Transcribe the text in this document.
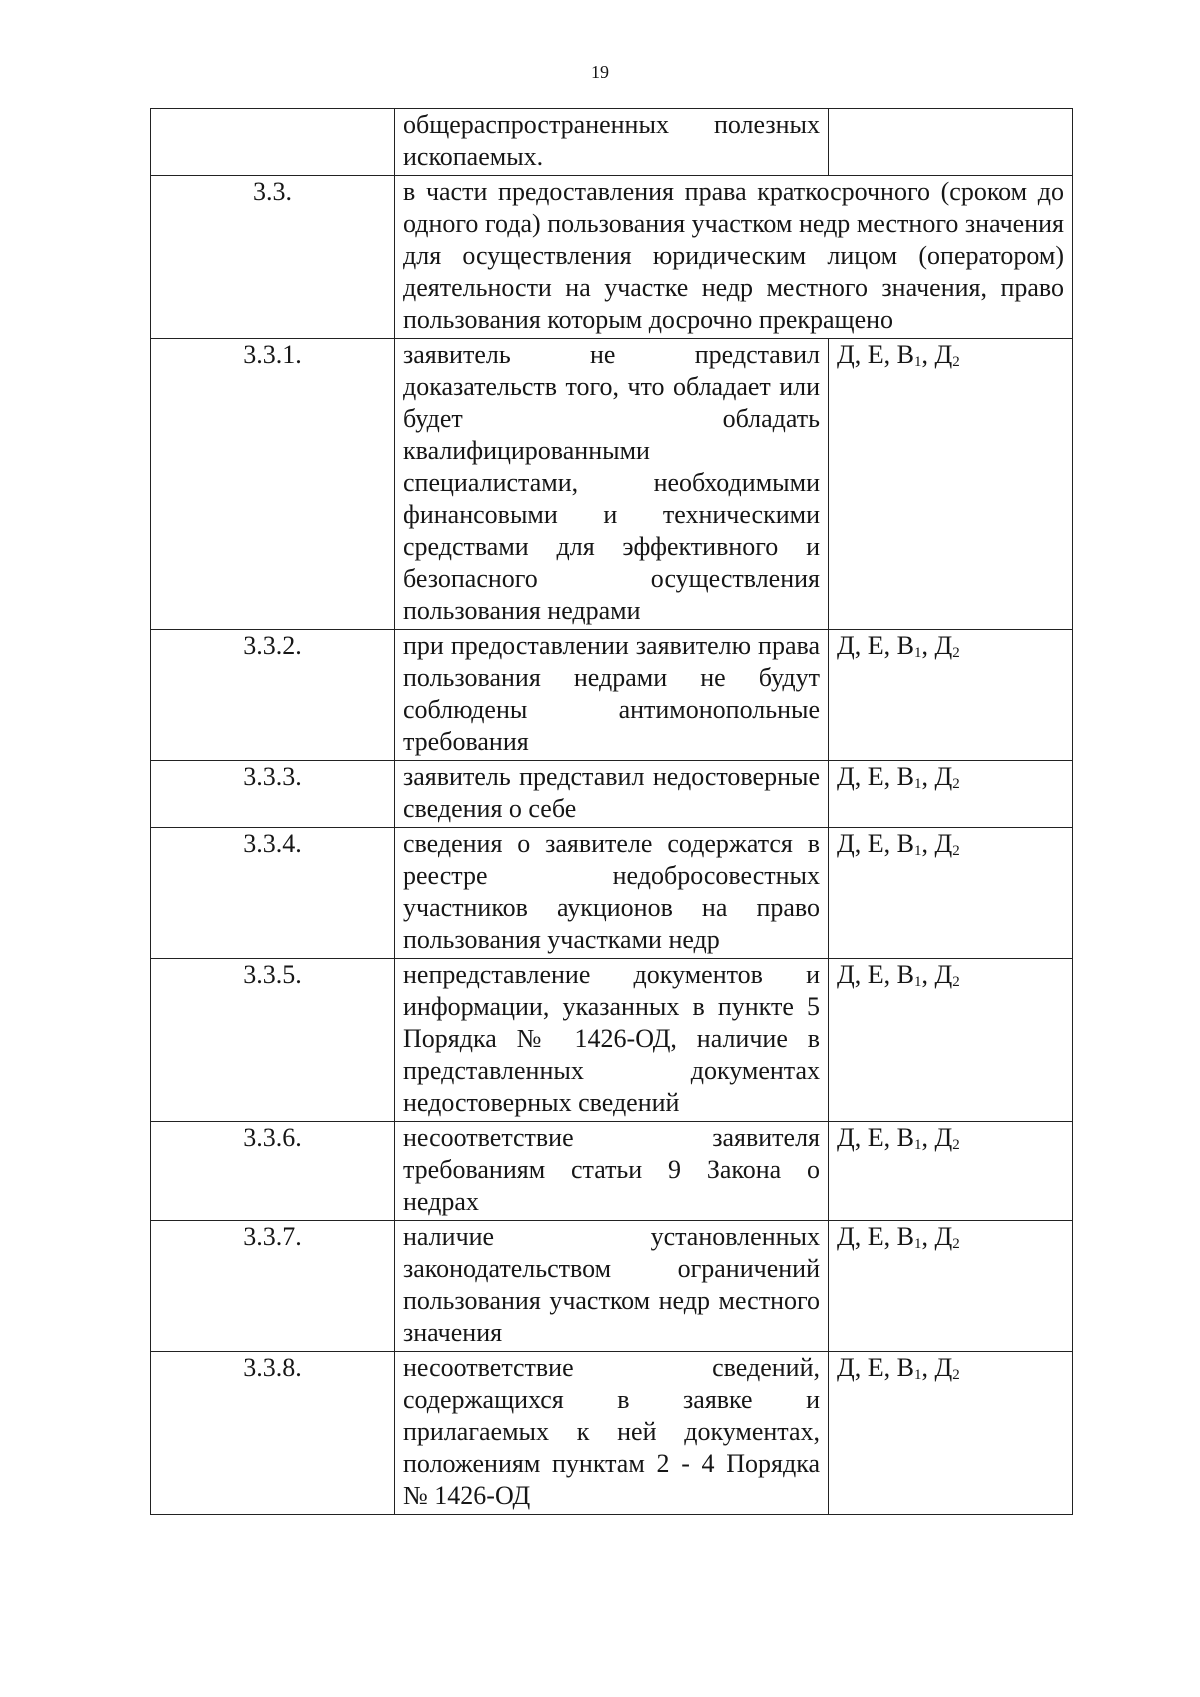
19
	общераспространенных полезных ископаемых.	
3.3.	в части предоставления права краткосрочного (сроком до одного года) пользования участком недр местного значения для осуществления юридическим лицом (оператором) деятельности на участке недр местного значения, право пользования которым досрочно прекращено	
3.3.1.	заявитель не представил доказательств того, что обладает или будет обладать квалифицированными специалистами, необходимыми финансовыми и техническими средствами для эффективного и безопасного осуществления пользования недрами	Д, Е, $В_1$, $Д_2$
3.3.2.	при предоставлении заявителю права пользования недрами не будут соблюдены антимонопольные требования	Д, Е, $В_1$, $Д_2$
3.3.3.	заявитель представил недостоверные сведения о себе	Д, Е, $В_1$, $Д_2$
3.3.4.	сведения о заявителе содержатся в реестре недобросовестных участников аукционов на право пользования участками недр	Д, Е, $В_1$, $Д_2$
3.3.5.	непредставление документов и информации, указанных в пункте 5 Порядка № 1426-ОД, наличие в представленных документах недостоверных сведений	Д, Е, $В_1$, $Д_2$
3.3.6.	несоответствие заявителя требованиям статьи 9 Закона о недрах	Д, Е, $В_1$, $Д_2$
3.3.7.	наличие установленных законодательством ограничений пользования участком недр местного значения	Д, Е, $В_1$, $Д_2$
3.3.8.	несоответствие сведений, содержащихся в заявке и прилагаемых к ней документах, положениям пунктам 2 - 4 Порядка № 1426-ОД	Д, Е, $В_1$, $Д_2$
